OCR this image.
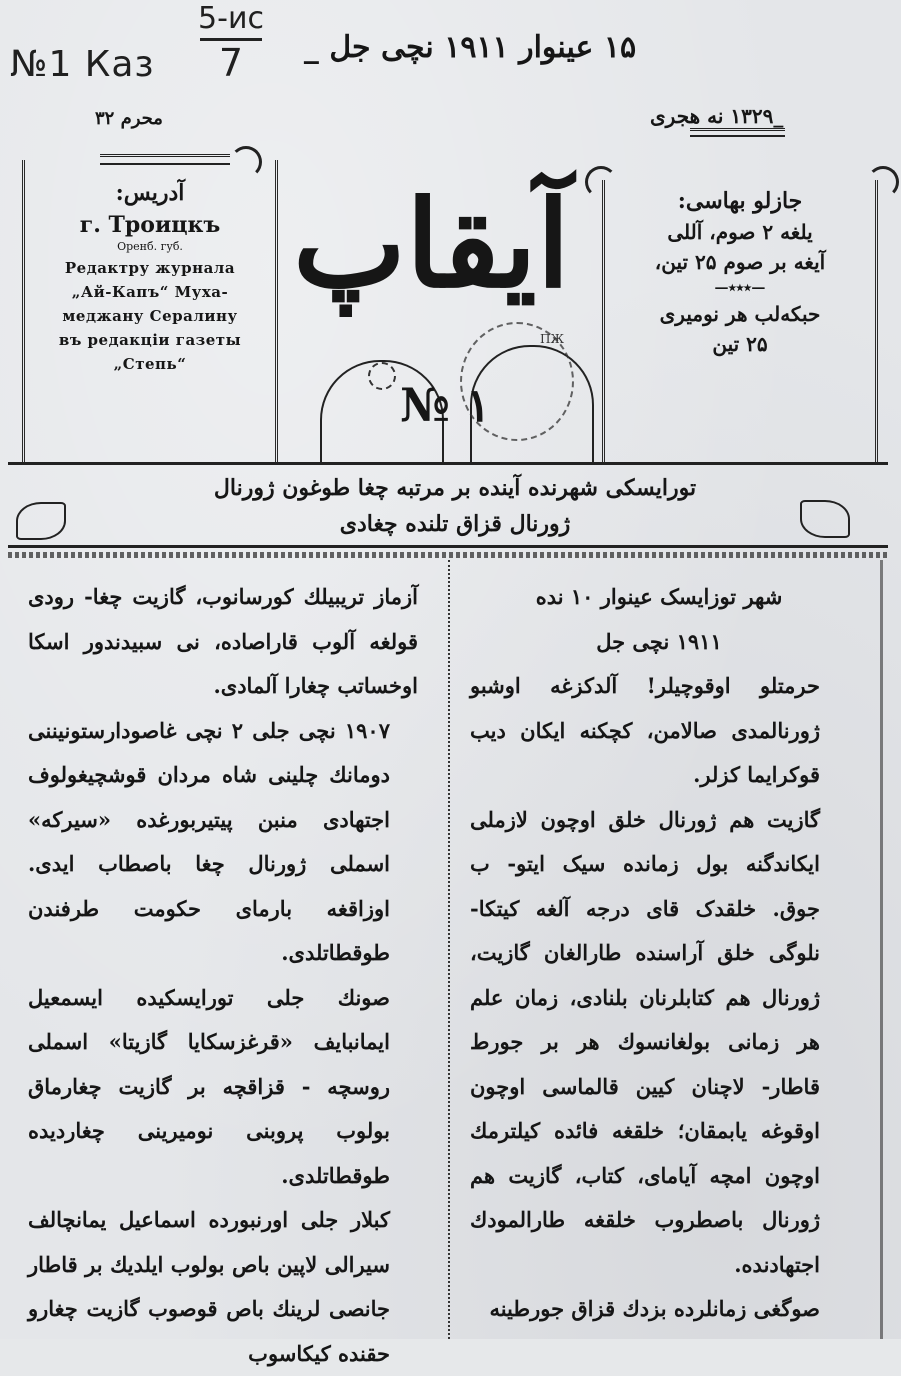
№1 Каз
5-ис
7	۱۵ عینوار ۱۹۱۱ نچی جل _
_۱۳۲۹ نه هجری
محرم ۳۲

آدریس:

г. Троицкъ

Оренб. губ.

Редактру журнала

„Ай-Капъ“ Муха-

меджану Сералину

въ редакціи газеты

„Степь“

جازلو بهاسی:

یلغه ۲ صوم، آللی

آیغه بر صوم ۲۵ تین،

—٭٭٭—

حبکه‌لب هر نومیری

۲۵ تین

آیقاپ
№ ۱
ПЖ
تورایسکی شهرنده آینده بر مرتبه چغا طوغون ژورنال
ژورنال قزاق تلنده چغادی

آزماز تریبیلك کورسانوب، گازیت چغا- رودی قولغه آلوب قاراصاده، نی سبیدندور اسکا اوخساتب چغارا آلمادی.

۱۹۰۷ نچی جلی ۲ نچی غاصودارستونیننی دومانك چلینی شاه مردان قوشچیغولوف اجتهادی منبن پیتیربورغده «سیرکه» اسملی ژورنال چغا باصطاب ایدی. اوزاقغه بارمای حکومت طرفندن طوقطاتلدی.

صونك جلی تورایسکیده ایسمعیل ایمانبایف «قرغزسکایا گازیتا» اسملی روسچه - قزاقچه بر گازیت چغارماق بولوب پروبنی نومیرینی چغاردیده طوقطاتلدی.

کبلار جلی اورنبورده اسماعیل یمانچالف سیرالی لاپین باص بولوب ایلدیك بر قاطار جانصی لرینك باص قوصوب گازیت چغارو حقنده کیکاسوب

شهر توزایسک عینوار ۱۰ نده

۱۹۱۱ نچی جل

حرمتلو اوقوچیلر! آلدکزغه اوشبو ژورنالمدی صالامن، کچکنه ایکان دیب قوکرایما کزلر.

گازیت هم ژورنال خلق اوچون لازملی ایکاندگنه بول زمانده سیک ایتو- ب جوق. خلقدک قای درجه آلغه کیتکا- نلوگی خلق آراسنده طارالغان گازیت، ژورنال هم کتابلرنان بلنادی، زمان علم هر زمانی بولغانسوك هر بر جورط قاطار- لاچنان کیین قالماسی اوچون اوقوغه یابمقان؛ خلقغه فائده کیلترمك اوچون امچه آیامای، کتاب، گازیت هم ژورنال باصطروب خلقغه طارالمودك اجتهادنده.

صوگغی زمانلرده بزدك قزاق جورطینه
